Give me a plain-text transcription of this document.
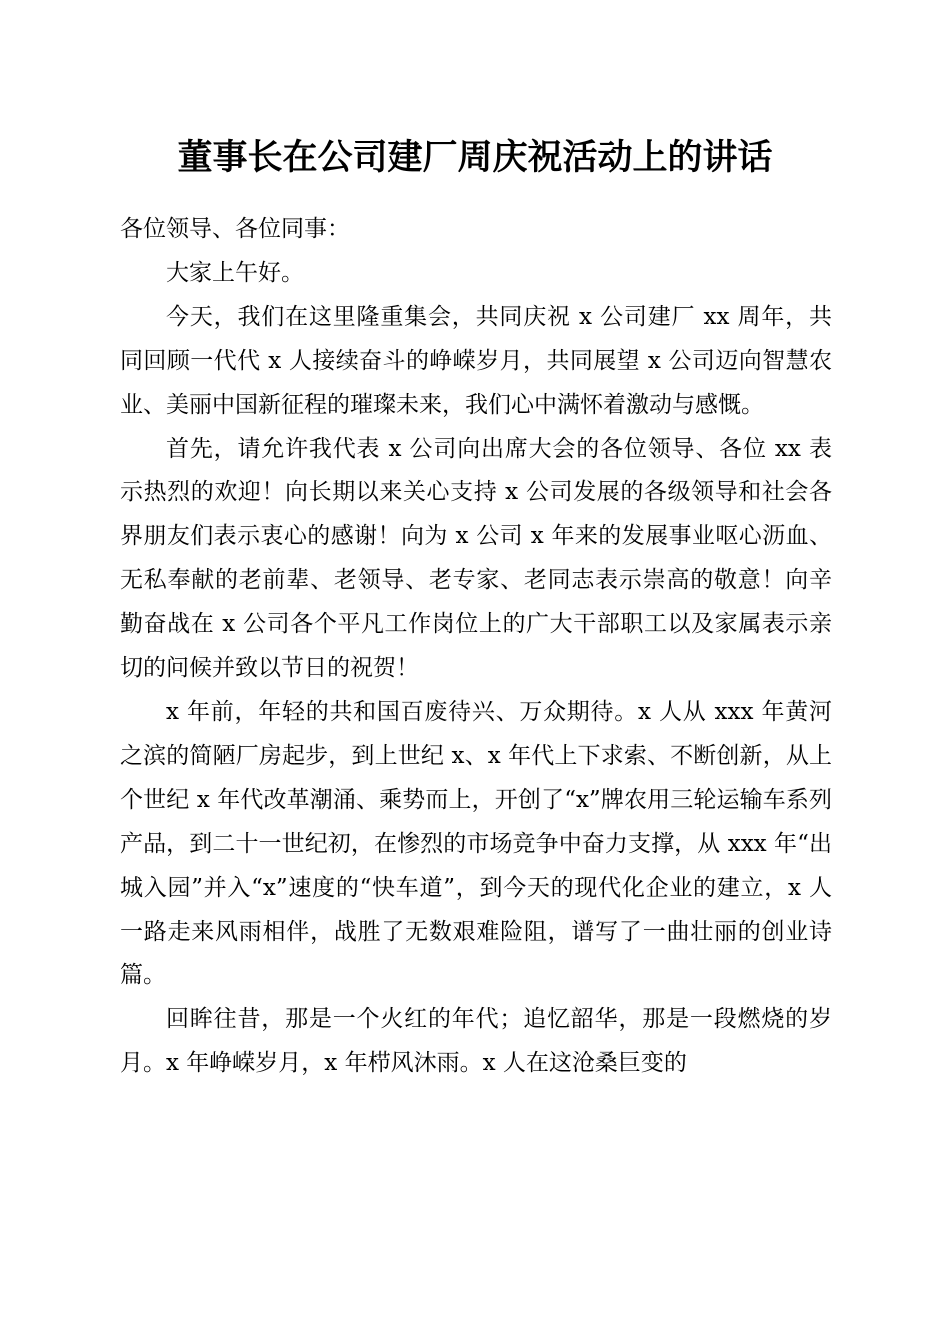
董事长在公司建厂周庆祝活动上的讲话

各位领导、各位同事：

大家上午好。

今天，我们在这里隆重集会，共同庆祝 x 公司建厂 xx 周年，共同回顾一代代 x 人接续奋斗的峥嵘岁月，共同展望 x 公司迈向智慧农业、美丽中国新征程的璀璨未来，我们心中满怀着激动与感慨。

首先，请允许我代表 x 公司向出席大会的各位领导、各位 xx 表示热烈的欢迎！向长期以来关心支持 x 公司发展的各级领导和社会各界朋友们表示衷心的感谢！向为 x 公司 x 年来的发展事业呕心沥血、无私奉献的老前辈、老领导、老专家、老同志表示崇高的敬意！向辛勤奋战在 x 公司各个平凡工作岗位上的广大干部职工以及家属表示亲切的问候并致以节日的祝贺！

x 年前，年轻的共和国百废待兴、万众期待。x 人从 xxx 年黄河之滨的简陋厂房起步，到上世纪 x、x 年代上下求索、不断创新，从上个世纪 x 年代改革潮涌、乘势而上，开创了“x”牌农用三轮运输车系列产品，到二十一世纪初，在惨烈的市场竞争中奋力支撑，从 xxx 年“出城入园”并入“x”速度的“快车道”，到今天的现代化企业的建立，x 人一路走来风雨相伴，战胜了无数艰难险阻，谱写了一曲壮丽的创业诗篇。

回眸往昔，那是一个火红的年代；追忆韶华，那是一段燃烧的岁月。x 年峥嵘岁月，x 年栉风沐雨。x 人在这沧桑巨变的
